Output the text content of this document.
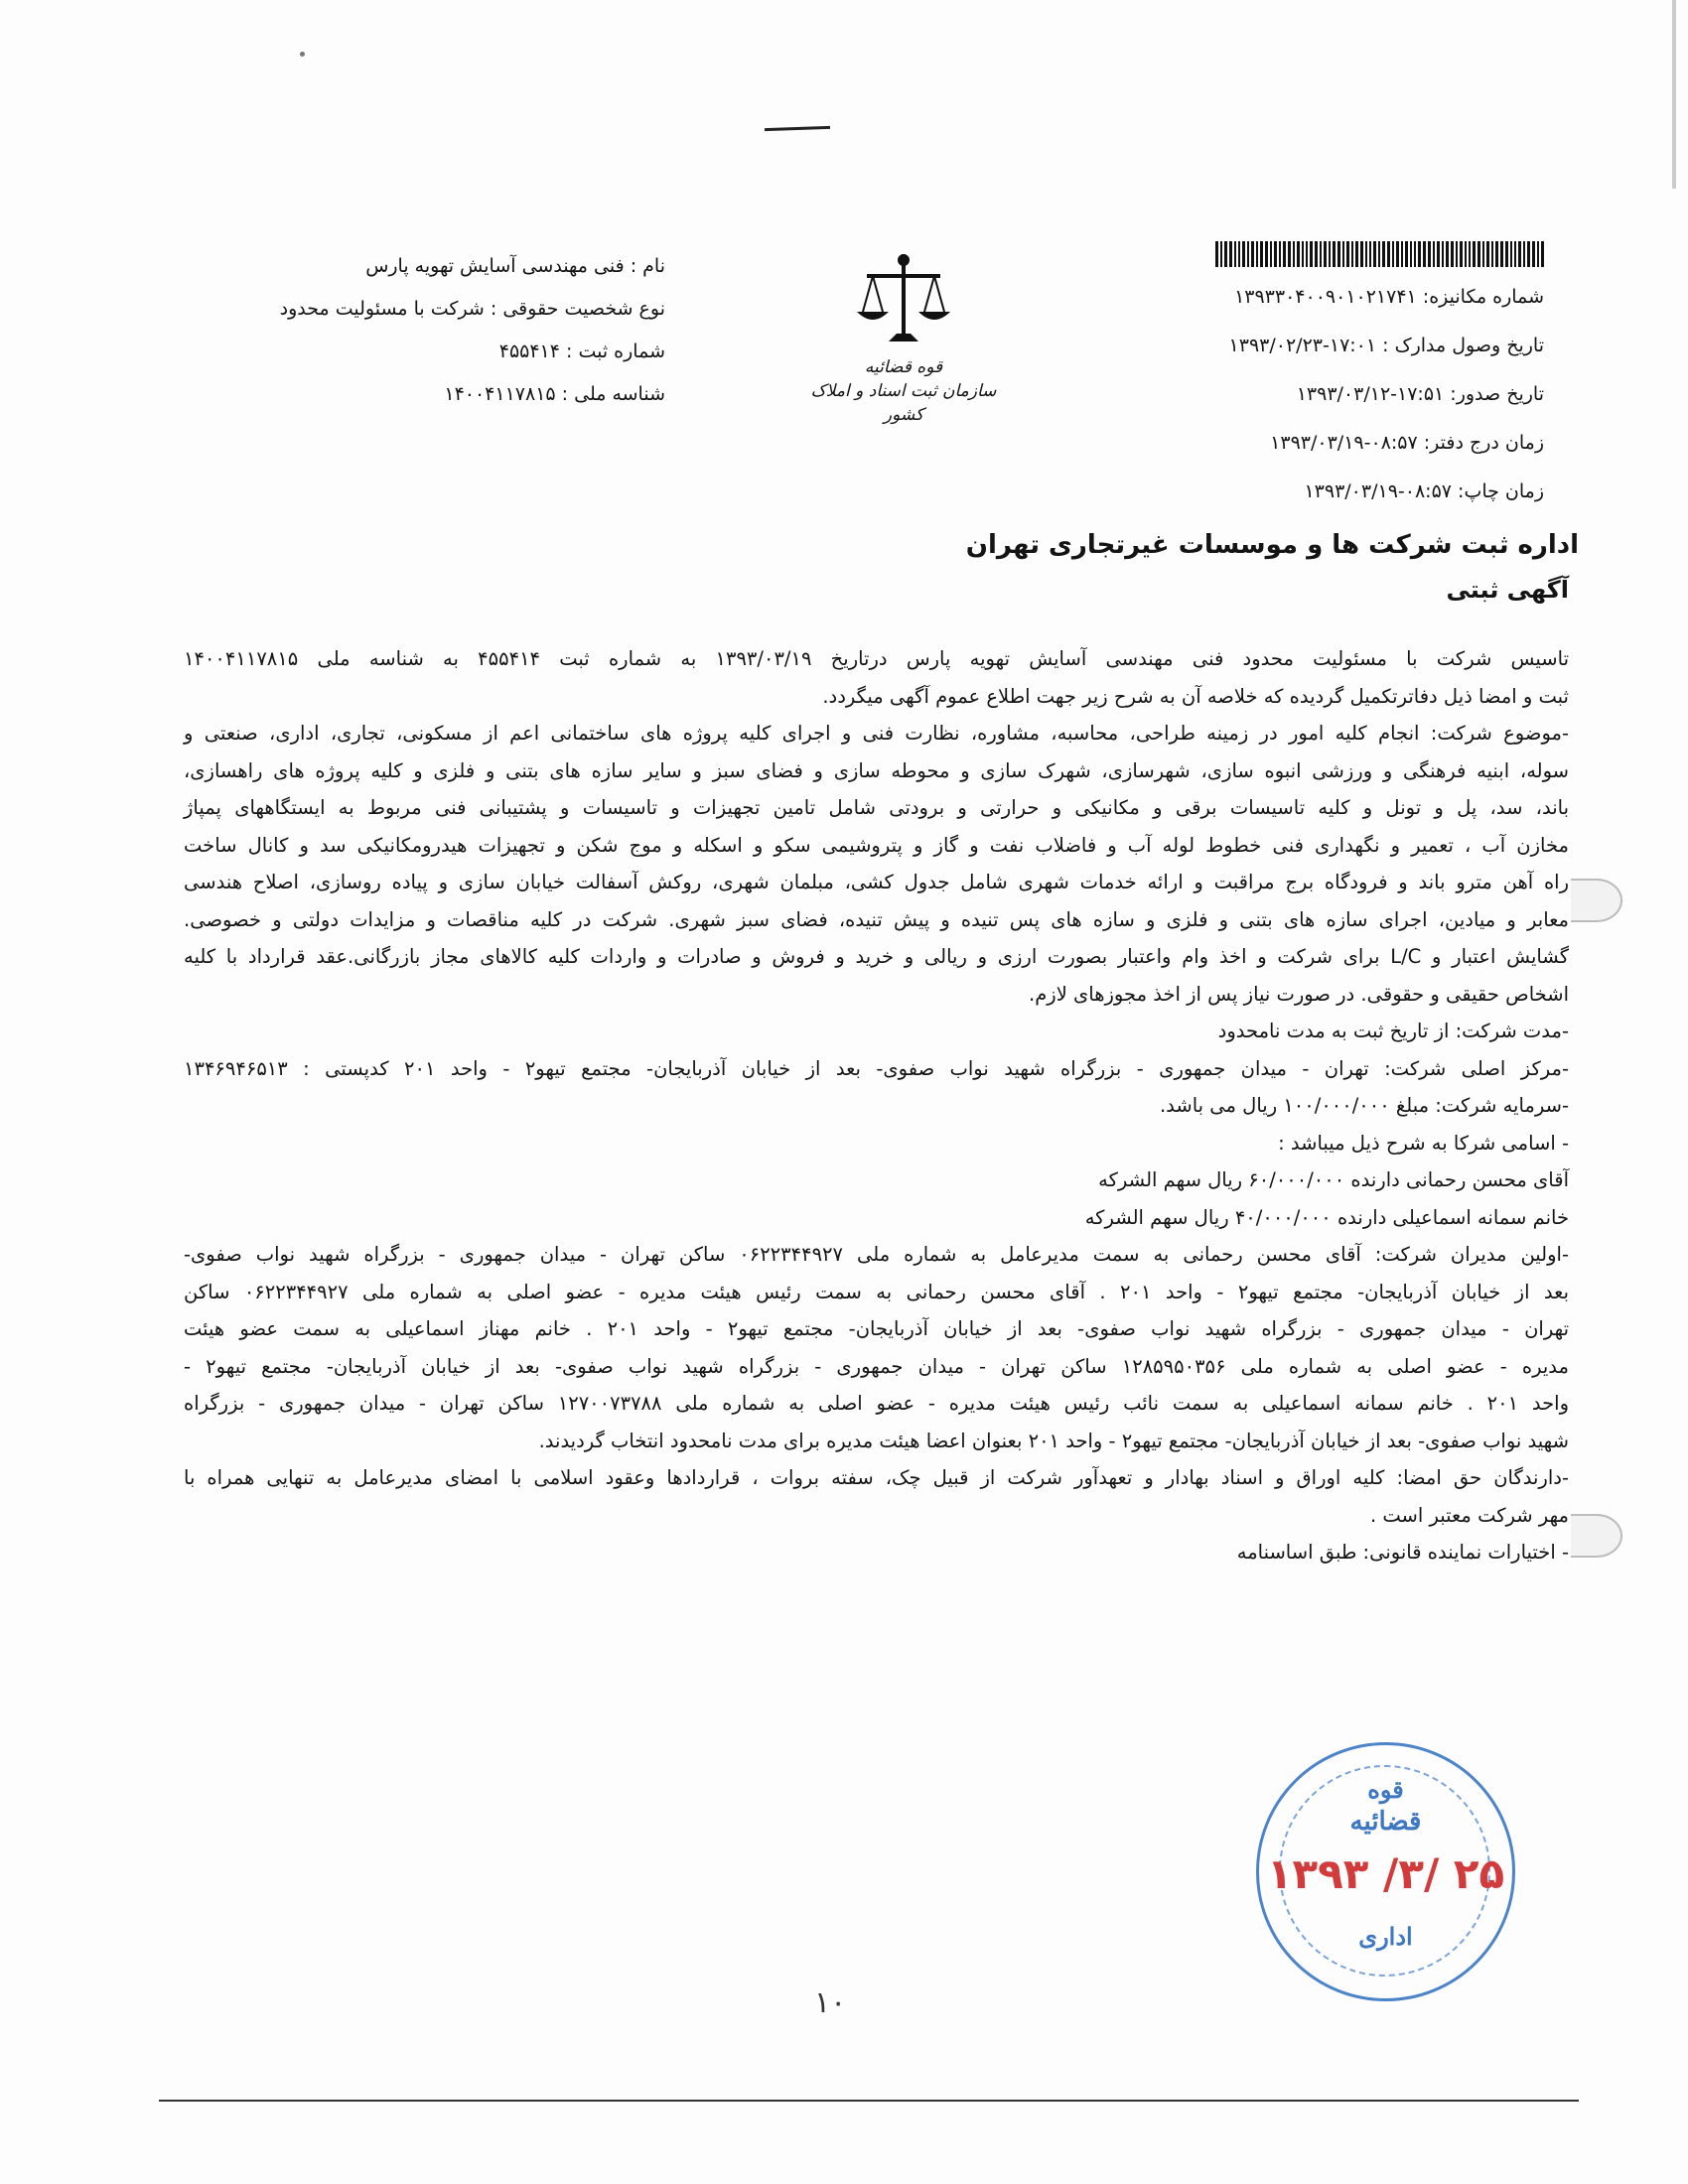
شماره مکانیزه: ۱۳۹۳۳۰۴۰۰۹۰۱۰۲۱۷۴۱
تاریخ وصول مدارک : ۱۷:۰۱-۱۳۹۳/۰۲/۲۳
تاریخ صدور: ۱۷:۵۱-۱۳۹۳/۰۳/۱۲
زمان درج دفتر: ۰۸:۵۷-۱۳۹۳/۰۳/۱۹
زمان چاپ: ۰۸:۵۷-۱۳۹۳/۰۳/۱۹
قوه قضائیه
سازمان ثبت اسناد و املاک کشور
نام : فنی مهندسی آسایش تهویه پارس
نوع شخصیت حقوقی : شرکت با مسئولیت محدود
شماره ثبت : ۴۵۵۴۱۴
شناسه ملی : ۱۴۰۰۴۱۱۷۸۱۵
اداره ثبت شرکت ها و موسسات غیرتجاری تهران
آگهی ثبتی
تاسیس شرکت با مسئولیت محدود فنی مهندسی آسایش تهویه پارس درتاریخ ۱۳۹۳/۰۳/۱۹ به شماره ثبت ۴۵۵۴۱۴ به شناسه ملی ۱۴۰۰۴۱۱۷۸۱۵
ثبت و امضا ذیل دفاترتکمیل گردیده که خلاصه آن به شرح زیر جهت اطلاع عموم آگهی میگردد.
-موضوع شرکت: انجام کلیه امور در زمینه طراحی، محاسبه، مشاوره، نظارت فنی و اجرای کلیه پروژه های ساختمانی اعم از مسکونی، تجاری، اداری، صنعتی و
سوله، ابنیه فرهنگی و ورزشی انبوه سازی، شهرسازی، شهرک سازی و محوطه سازی و فضای سبز و سایر سازه های بتنی و فلزی و کلیه پروژه های راهسازی،
باند، سد، پل و تونل و کلیه تاسیسات برقی و مکانیکی و حرارتی و برودتی شامل تامین تجهیزات و تاسیسات و پشتیبانی فنی مربوط به ایستگاههای پمپاژ
مخازن آب ، تعمیر و نگهداری فنی خطوط لوله آب و فاضلاب نفت و گاز و پتروشیمی سکو و اسکله و موج شکن و تجهیزات هیدرومکانیکی سد و کانال ساخت
راه آهن مترو باند و فرودگاه برج مراقبت و ارائه خدمات شهری شامل جدول کشی، مبلمان شهری، روکش آسفالت خیابان سازی و پیاده روسازی، اصلاح هندسی
معابر و میادین، اجرای سازه های بتنی و فلزی و سازه های پس تنیده و پیش تنیده، فضای سبز شهری. شرکت در کلیه مناقصات و مزایدات دولتی و خصوصی.
گشایش اعتبار و L/C برای شرکت و اخذ وام واعتبار بصورت ارزی و ریالی و خرید و فروش و صادرات و واردات کلیه کالاهای مجاز بازرگانی.عقد قرارداد با کلیه
اشخاص حقیقی و حقوقی. در صورت نیاز پس از اخذ مجوزهای لازم.
-مدت شرکت: از تاریخ ثبت به مدت نامحدود
-مرکز اصلی شرکت: تهران - میدان جمهوری - بزرگراه شهید نواب صفوی- بعد از خیابان آذربایجان- مجتمع تیهو۲ - واحد ۲۰۱ کدپستی : ۱۳۴۶۹۴۶۵۱۳
-سرمایه شرکت: مبلغ ۱۰۰/۰۰۰/۰۰۰ ریال می باشد.
- اسامی شرکا به شرح ذیل میباشد :
آقای محسن رحمانی دارنده ۶۰/۰۰۰/۰۰۰ ریال سهم الشرکه
خانم سمانه اسماعیلی دارنده ۴۰/۰۰۰/۰۰۰ ریال سهم الشرکه
-اولین مدیران شرکت: آقای محسن رحمانی به سمت مدیرعامل به شماره ملی ۰۶۲۲۳۴۴۹۲۷ ساکن تهران - میدان جمهوری - بزرگراه شهید نواب صفوی-
بعد از خیابان آذربایجان- مجتمع تیهو۲ - واحد ۲۰۱ . آقای محسن رحمانی به سمت رئیس هیئت مدیره - عضو اصلی به شماره ملی ۰۶۲۲۳۴۴۹۲۷ ساکن
تهران - میدان جمهوری - بزرگراه شهید نواب صفوی- بعد از خیابان آذربایجان- مجتمع تیهو۲ - واحد ۲۰۱ . خانم مهناز اسماعیلی به سمت عضو هیئت
مدیره - عضو اصلی به شماره ملی ۱۲۸۵۹۵۰۳۵۶ ساکن تهران - میدان جمهوری - بزرگراه شهید نواب صفوی- بعد از خیابان آذربایجان- مجتمع تیهو۲ -
واحد ۲۰۱ . خانم سمانه اسماعیلی به سمت نائب رئیس هیئت مدیره - عضو اصلی به شماره ملی ۱۲۷۰۰۷۳۷۸۸ ساکن تهران - میدان جمهوری - بزرگراه
شهید نواب صفوی- بعد از خیابان آذربایجان- مجتمع تیهو۲ - واحد ۲۰۱ بعنوان اعضا هیئت مدیره برای مدت نامحدود انتخاب گردیدند.
-دارندگان حق امضا: کلیه اوراق و اسناد بهادار و تعهدآور شرکت از قبیل چک، سفته بروات ، قراردادها وعقود اسلامی با امضای مدیرعامل به تنهایی همراه با
مهر شرکت معتبر است .
- اختیارات نماینده قانونی: طبق اساسنامه
قوه
قضائیه
۱۳۹۳ /۳/ ۲۵
اداری
۱۰
